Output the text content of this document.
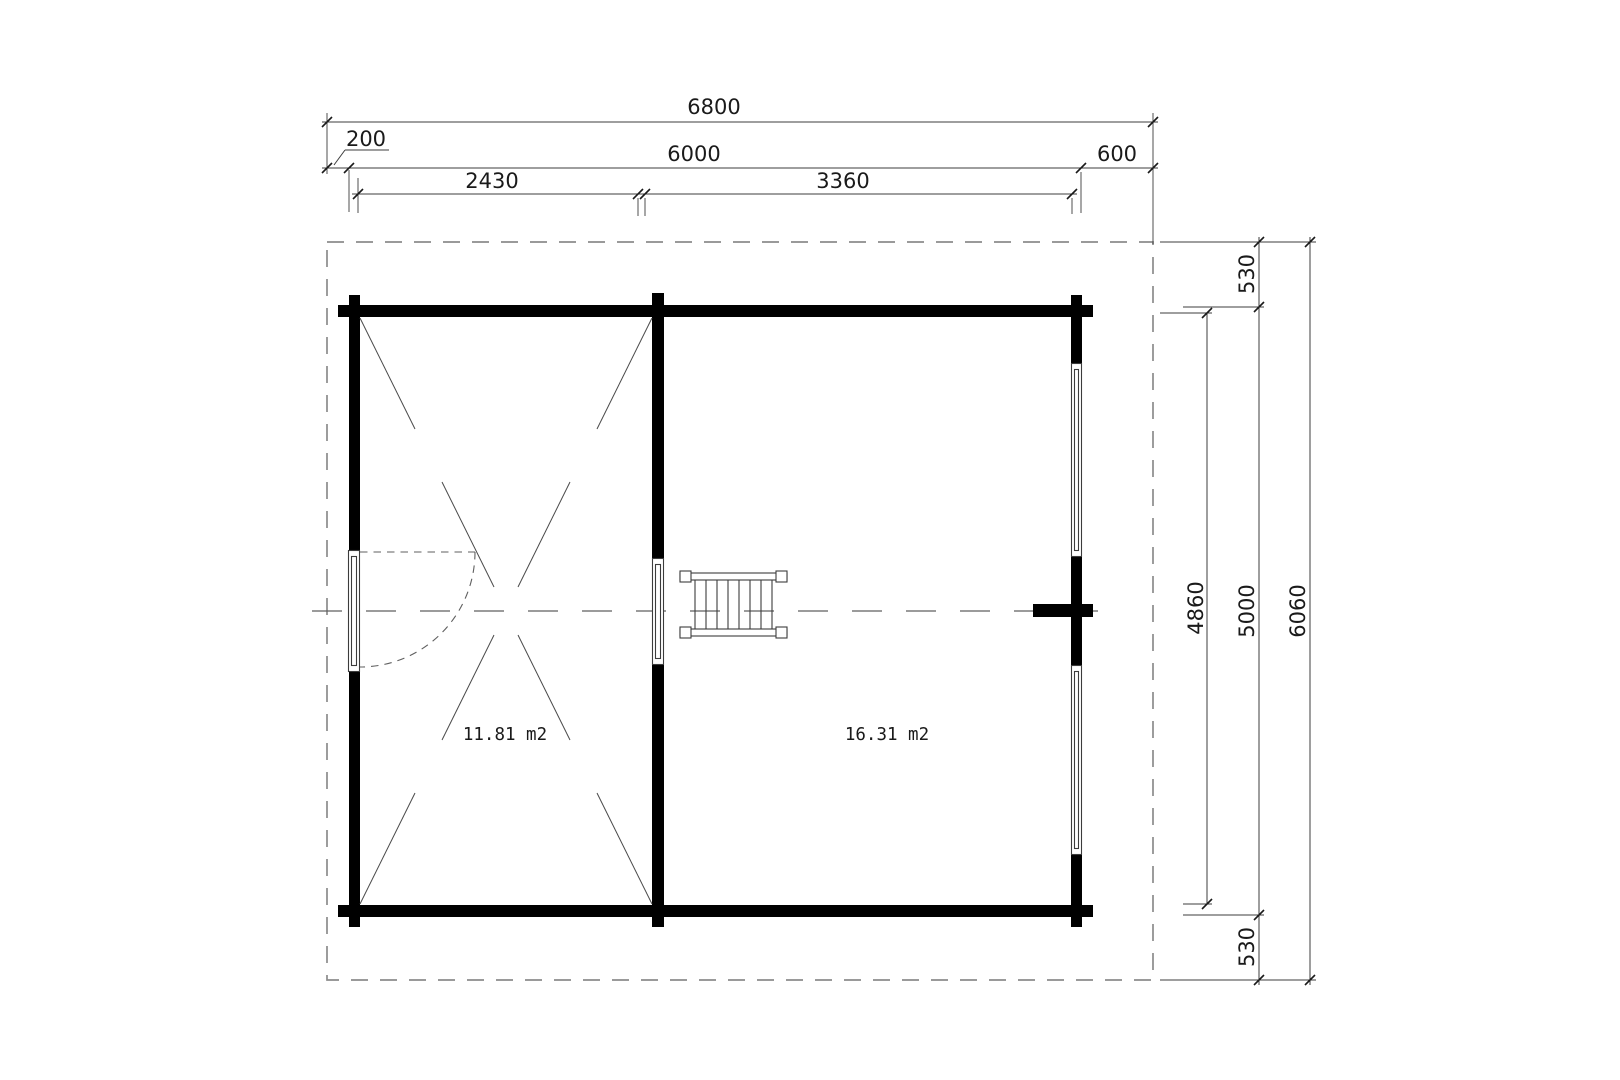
6800
200
6000	600
2430	3360
530
4860 5000 6060
530
11.81 m2	16.31 m2
